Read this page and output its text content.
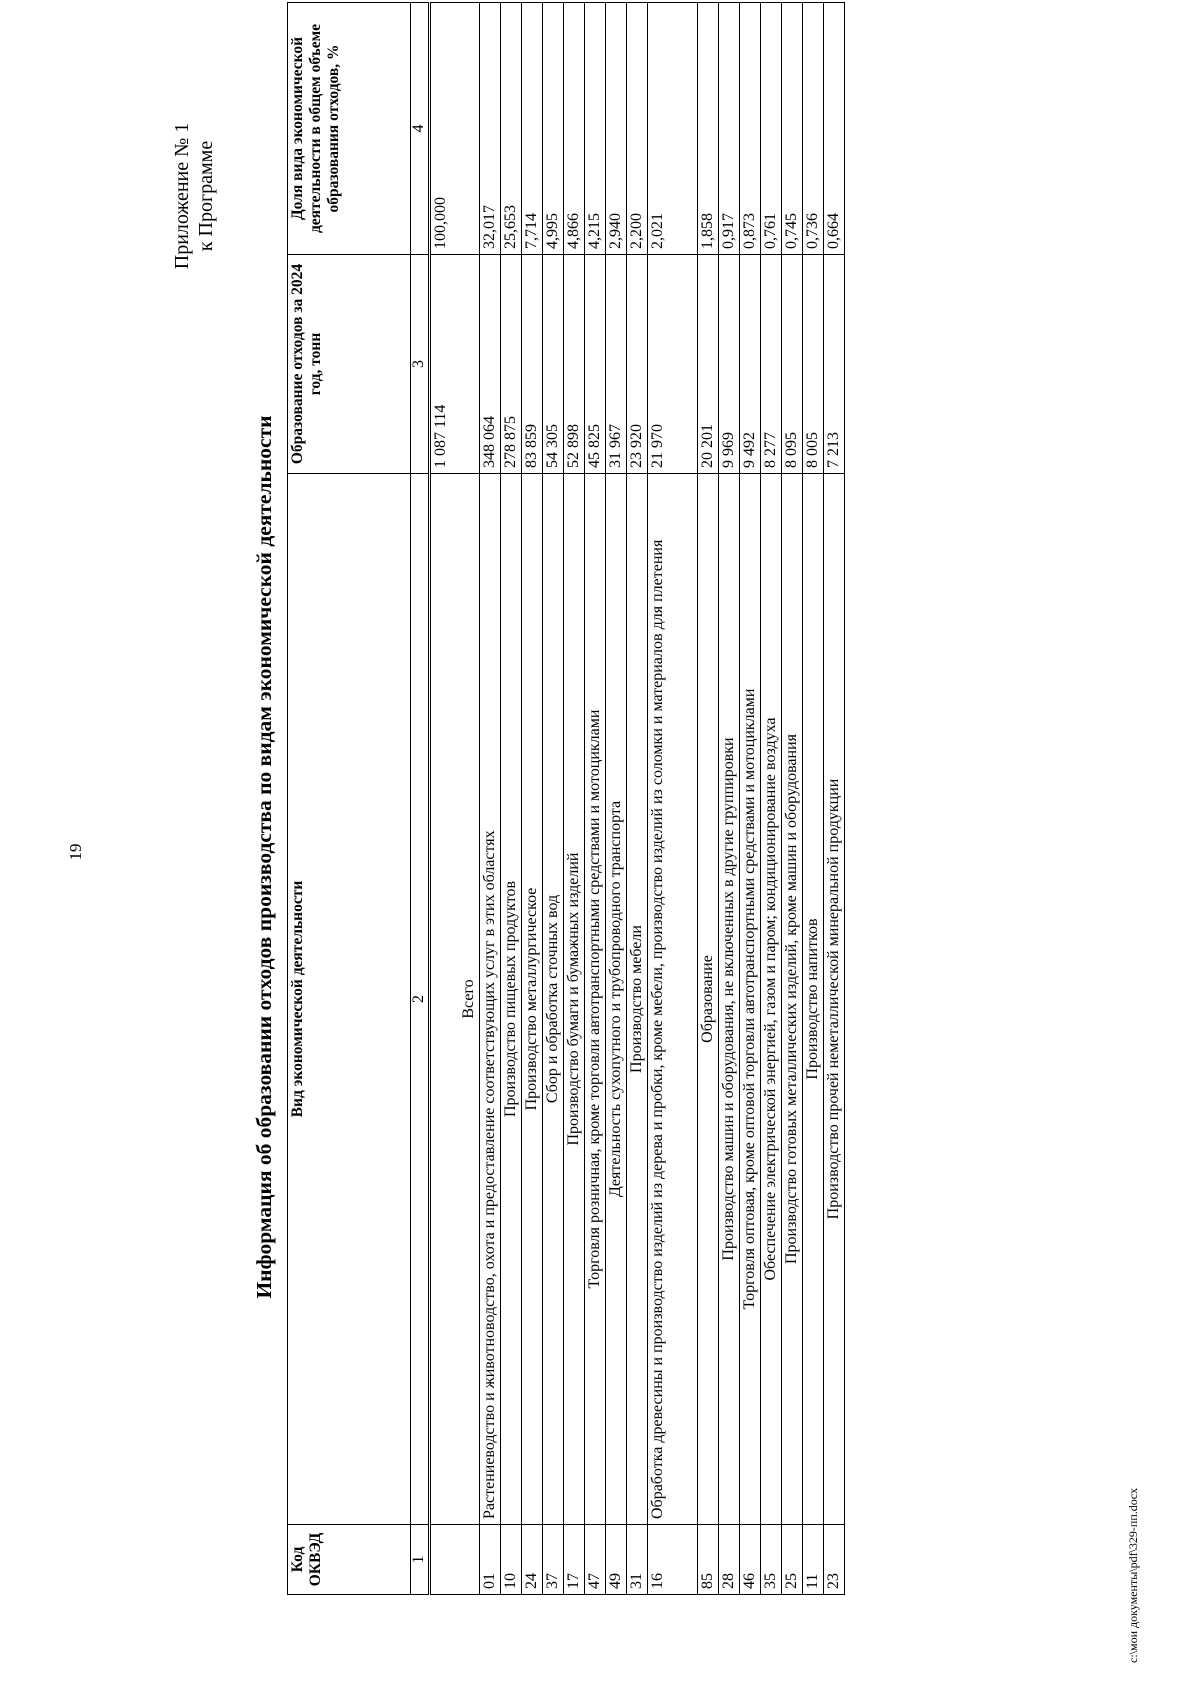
19
Приложение № 1 к Программе
Информация об образовании отходов производства по видам экономической деятельности
Код ОКВЭД	Вид экономической деятельности	Образование отходов за 2024 год, тонн	Доля вида экономической деятельности в общем объеме образования отходов, %
1	2	3	4
	Всего	1 087 114	100,000
01	Растениеводство и животноводство, охота и предоставление соответствующих услуг в этих областях	348 064	32,017
10	Производство пищевых продуктов	278 875	25,653
24	Производство металлургическое	83 859	7,714
37	Сбор и обработка сточных вод	54 305	4,995
17	Производство бумаги и бумажных изделий	52 898	4,866
47	Торговля розничная, кроме торговли автотранспортными средствами и мотоциклами	45 825	4,215
49	Деятельность сухопутного и трубопроводного транспорта	31 967	2,940
31	Производство мебели	23 920	2,200
16	Обработка древесины и производство изделий из дерева и пробки, кроме мебели, производство изделий из соломки и материалов для плетения	21 970	2,021
85	Образование	20 201	1,858
28	Производство машин и оборудования, не включенных в другие группировки	9 969	0,917
46	Торговля оптовая, кроме оптовой торговли автотранспортными средствами и мотоциклами	9 492	0,873
35	Обеспечение электрической энергией, газом и паром; кондиционирование воздуха	8 277	0,761
25	Производство готовых металлических изделий, кроме машин и оборудования	8 095	0,745
11	Производство напитков	8 005	0,736
23	Производство прочей неметаллической минеральной продукции	7 213	0,664
c:\мои документы\pdf\329-пп.docx
